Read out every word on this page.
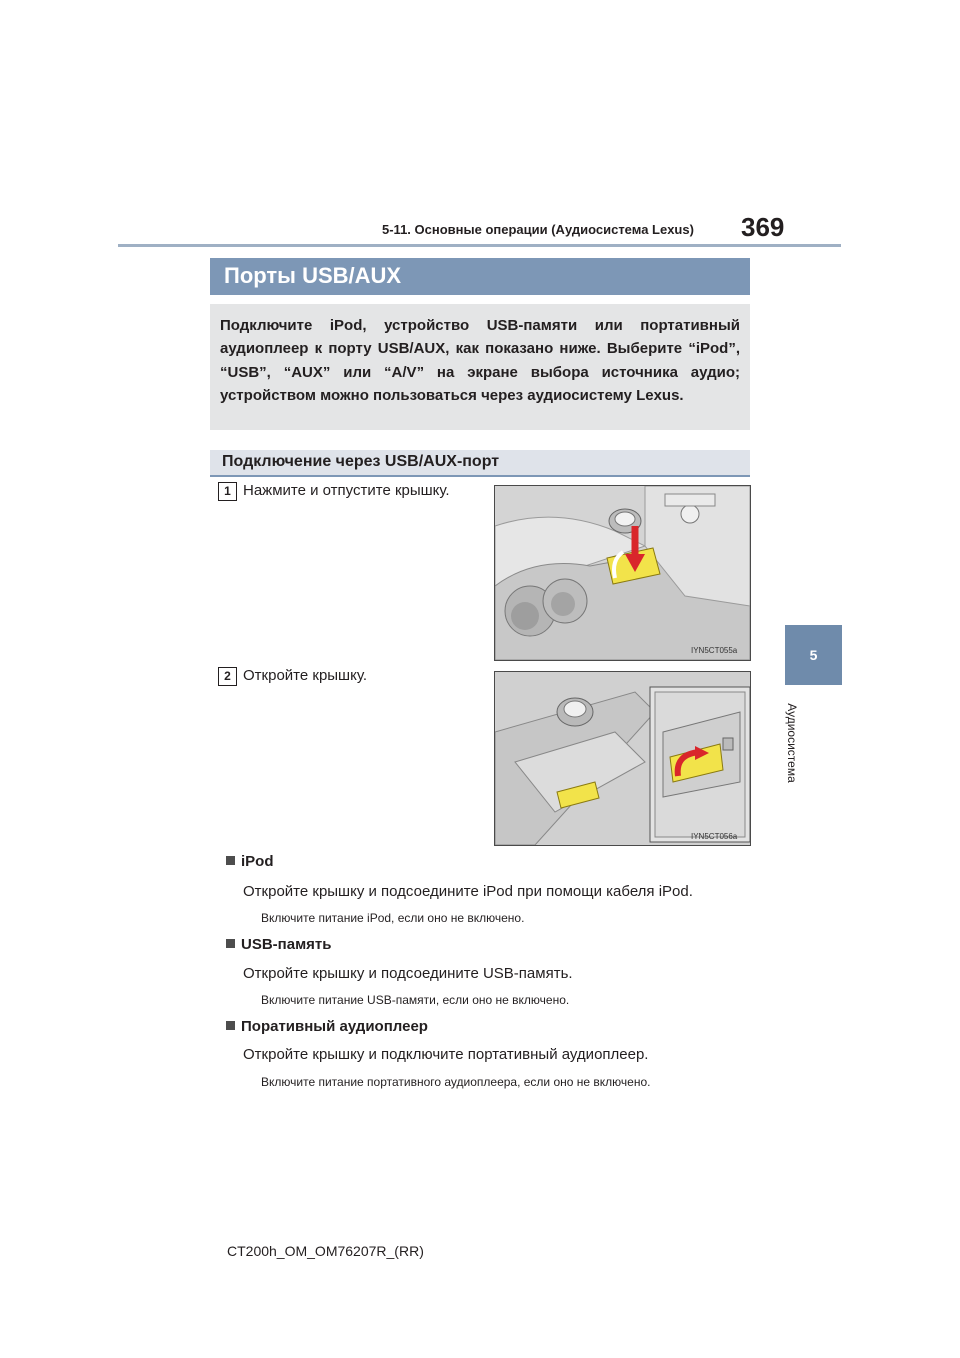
5-11. Основные операции (Аудиосистема Lexus) 369
5
Аудиосистема
Порты USB/AUX

Подключите iPod, устройство USB-памяти или портативный аудиоплеер к порту USB/AUX, как показано ниже. Выберите “iPod”, “USB”, “AUX” или “A/V” на экране выбора источника аудио; устройством можно пользоваться через аудиосистему Lexus.

Подключение через USB/AUX-порт
1 Нажмите и отпустите крышку.
IYN5CT055a
2 Откройте крышку.
IYN5CT056a
iPod
Откройте крышку и подсоедините iPod при помощи кабеля iPod.
Включите питание iPod, если оно не включено.
USB-память
Откройте крышку и подсоедините USB-память.
Включите питание USB-памяти, если оно не включено.
Поративный аудиоплеер
Откройте крышку и подключите портативный аудиоплеер.
Включите питание портативного аудиоплеера, если оно не включено.
CT200h_OM_OM76207R_(RR)
